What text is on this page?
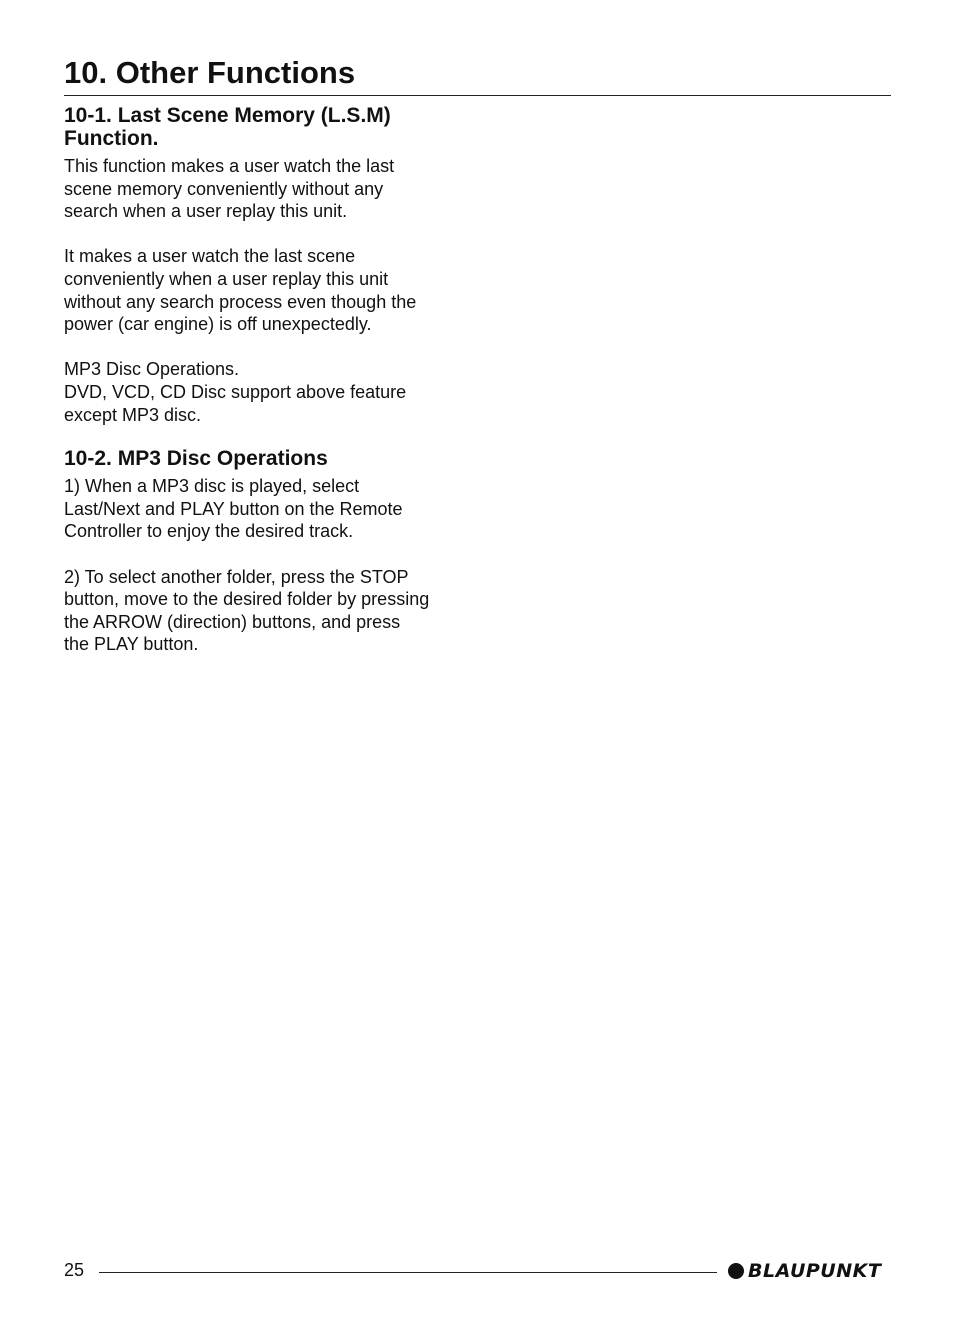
10. Other Functions
10-1. Last Scene Memory (L.S.M)
Function.
This function makes a user watch the last
scene memory conveniently without any
search when a user replay this unit.
It makes a user watch the last scene
conveniently when a user replay this unit
without any search process even though the
power (car engine) is off unexpectedly.
MP3 Disc Operations.
DVD, VCD, CD Disc support above feature
except MP3 disc.
10-2. MP3 Disc Operations
1) When a MP3 disc is played, select
Last/Next and PLAY button on the Remote
Controller to enjoy the desired track.
2) To select another folder, press the STOP
button, move to the desired folder by pressing
the ARROW (direction) buttons, and press
the PLAY button.
25	BLAUPUNKT
